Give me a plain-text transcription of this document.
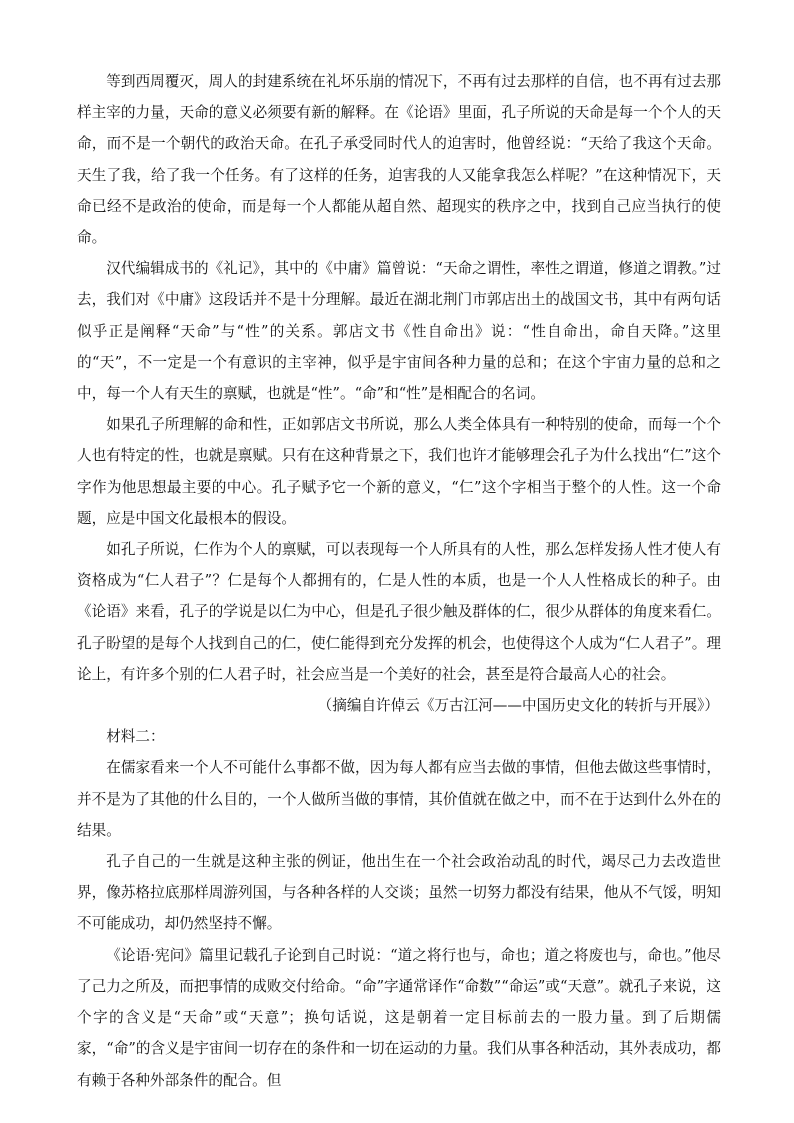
等到西周覆灭，周人的封建系统在礼坏乐崩的情况下，不再有过去那样的自信，也不再有过去那样主宰的力量，天命的意义必须要有新的解释。在《论语》里面，孔子所说的天命是每一个个人的天命，而不是一个朝代的政治天命。在孔子承受同时代人的迫害时，他曾经说：“天给了我这个天命。天生了我，给了我一个任务。有了这样的任务，迫害我的人又能拿我怎么样呢？”在这种情况下，天命已经不是政治的使命，而是每一个人都能从超自然、超现实的秩序之中，找到自己应当执行的使命。

汉代编辑成书的《礼记》，其中的《中庸》篇曾说：“天命之谓性，率性之谓道，修道之谓教。”过去，我们对《中庸》这段话并不是十分理解。最近在湖北荆门市郭店出土的战国文书，其中有两句话似乎正是阐释“天命”与“性”的关系。郭店文书《性自命出》说：“性自命出，命自天降。”这里的“天”，不一定是一个有意识的主宰神，似乎是宇宙间各种力量的总和；在这个宇宙力量的总和之中，每一个人有天生的禀赋，也就是“性”。“命”和“性”是相配合的名词。

如果孔子所理解的命和性，正如郭店文书所说，那么人类全体具有一种特别的使命，而每一个个人也有特定的性，也就是禀赋。只有在这种背景之下，我们也许才能够理会孔子为什么找出“仁”这个字作为他思想最主要的中心。孔子赋予它一个新的意义，“仁”这个字相当于整个的人性。这一个命题，应是中国文化最根本的假设。

如孔子所说，仁作为个人的禀赋，可以表现每一个人所具有的人性，那么怎样发扬人性才使人有资格成为“仁人君子”？仁是每个人都拥有的，仁是人性的本质，也是一个人人性格成长的种子。由《论语》来看，孔子的学说是以仁为中心，但是孔子很少触及群体的仁，很少从群体的角度来看仁。孔子盼望的是每个人找到自己的仁，使仁能得到充分发挥的机会，也使得这个人成为“仁人君子”。理论上，有许多个别的仁人君子时，社会应当是一个美好的社会，甚至是符合最高人心的社会。

（摘编自许倬云《万古江河——中国历史文化的转折与开展》）

材料二：

在儒家看来一个人不可能什么事都不做，因为每人都有应当去做的事情，但他去做这些事情时，并不是为了其他的什么目的，一个人做所当做的事情，其价值就在做之中，而不在于达到什么外在的结果。

孔子自己的一生就是这种主张的例证，他出生在一个社会政治动乱的时代，竭尽己力去改造世界，像苏格拉底那样周游列国，与各种各样的人交谈；虽然一切努力都没有结果，他从不气馁，明知不可能成功，却仍然坚持不懈。

《论语·宪问》篇里记载孔子论到自己时说：“道之将行也与，命也；道之将废也与，命也。”他尽了己力之所及，而把事情的成败交付给命。“命”字通常译作“命数”“命运”或“天意”。就孔子来说，这个字的含义是“天命”或“天意”；换句话说，这是朝着一定目标前去的一股力量。到了后期儒家，“命”的含义是宇宙间一切存在的条件和一切在运动的力量。我们从事各种活动，其外表成功，都有赖于各种外部条件的配合。但
